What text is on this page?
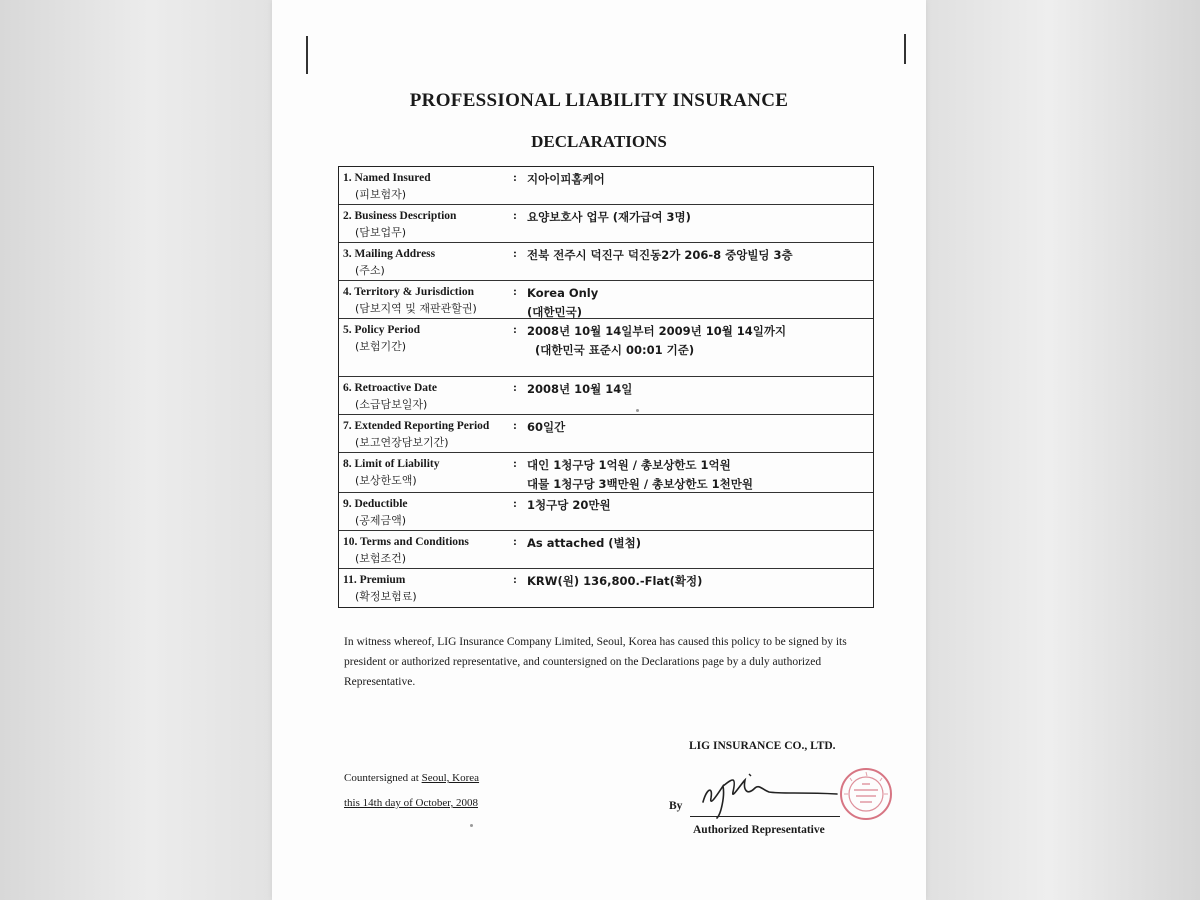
PROFESSIONAL LIABILITY INSURANCE
DECLARATIONS
1. Named Insured
(피보험자)
: 지아이피홈케어
2. Business Description
(담보업무)
: 요양보호사 업무 (재가급여 3명)
3. Mailing Address
(주소)
: 전북 전주시 덕진구 덕진동2가 206-8 중앙빌딩 3층
4. Territory & Jurisdiction
(담보지역 및 재판관할권)
: Korea Only
(대한민국)
5. Policy Period
(보험기간)
: 2008년 10월 14일부터 2009년 10월 14일까지
(대한민국 표준시 00:01 기준)
6. Retroactive Date
(소급담보일자)
: 2008년 10월 14일
7. Extended Reporting Period
(보고연장담보기간)
: 60일간
8. Limit of Liability
(보상한도액)
: 대인 1청구당 1억원 / 총보상한도 1억원
대물 1청구당 3백만원 / 총보상한도 1천만원
9. Deductible
(공제금액)
: 1청구당 20만원
10. Terms and Conditions
(보험조건)
: As attached (별첨)
11. Premium
(확정보험료)
: KRW(원) 136,800.-Flat(확정)
In witness whereof, LIG Insurance Company Limited, Seoul, Korea has caused this policy to be signed by its president or authorized representative, and countersigned on the Declarations page by a duly authorized Representative.
LIG INSURANCE CO., LTD.
Countersigned at Seoul, Korea
this 14th day of October, 2008	By
Authorized Representative
